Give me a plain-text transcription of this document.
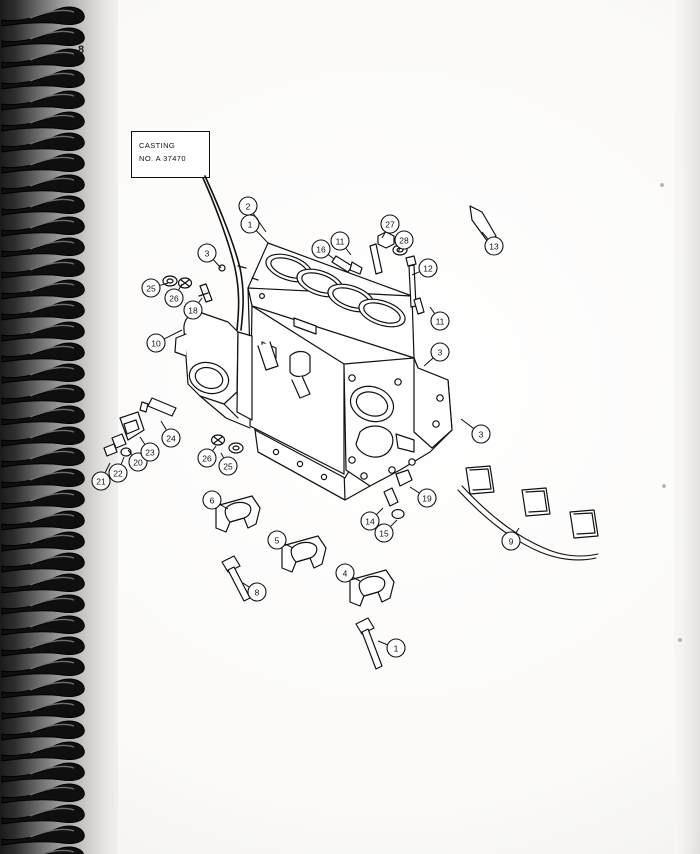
8
CASTING
NO. A 37470
1
2
3
3
3
4
5
6
8
9
10
11
11
12
13
14
15
16
18
19
20
21
22
23
24
25
25
26
26
27
28
1
